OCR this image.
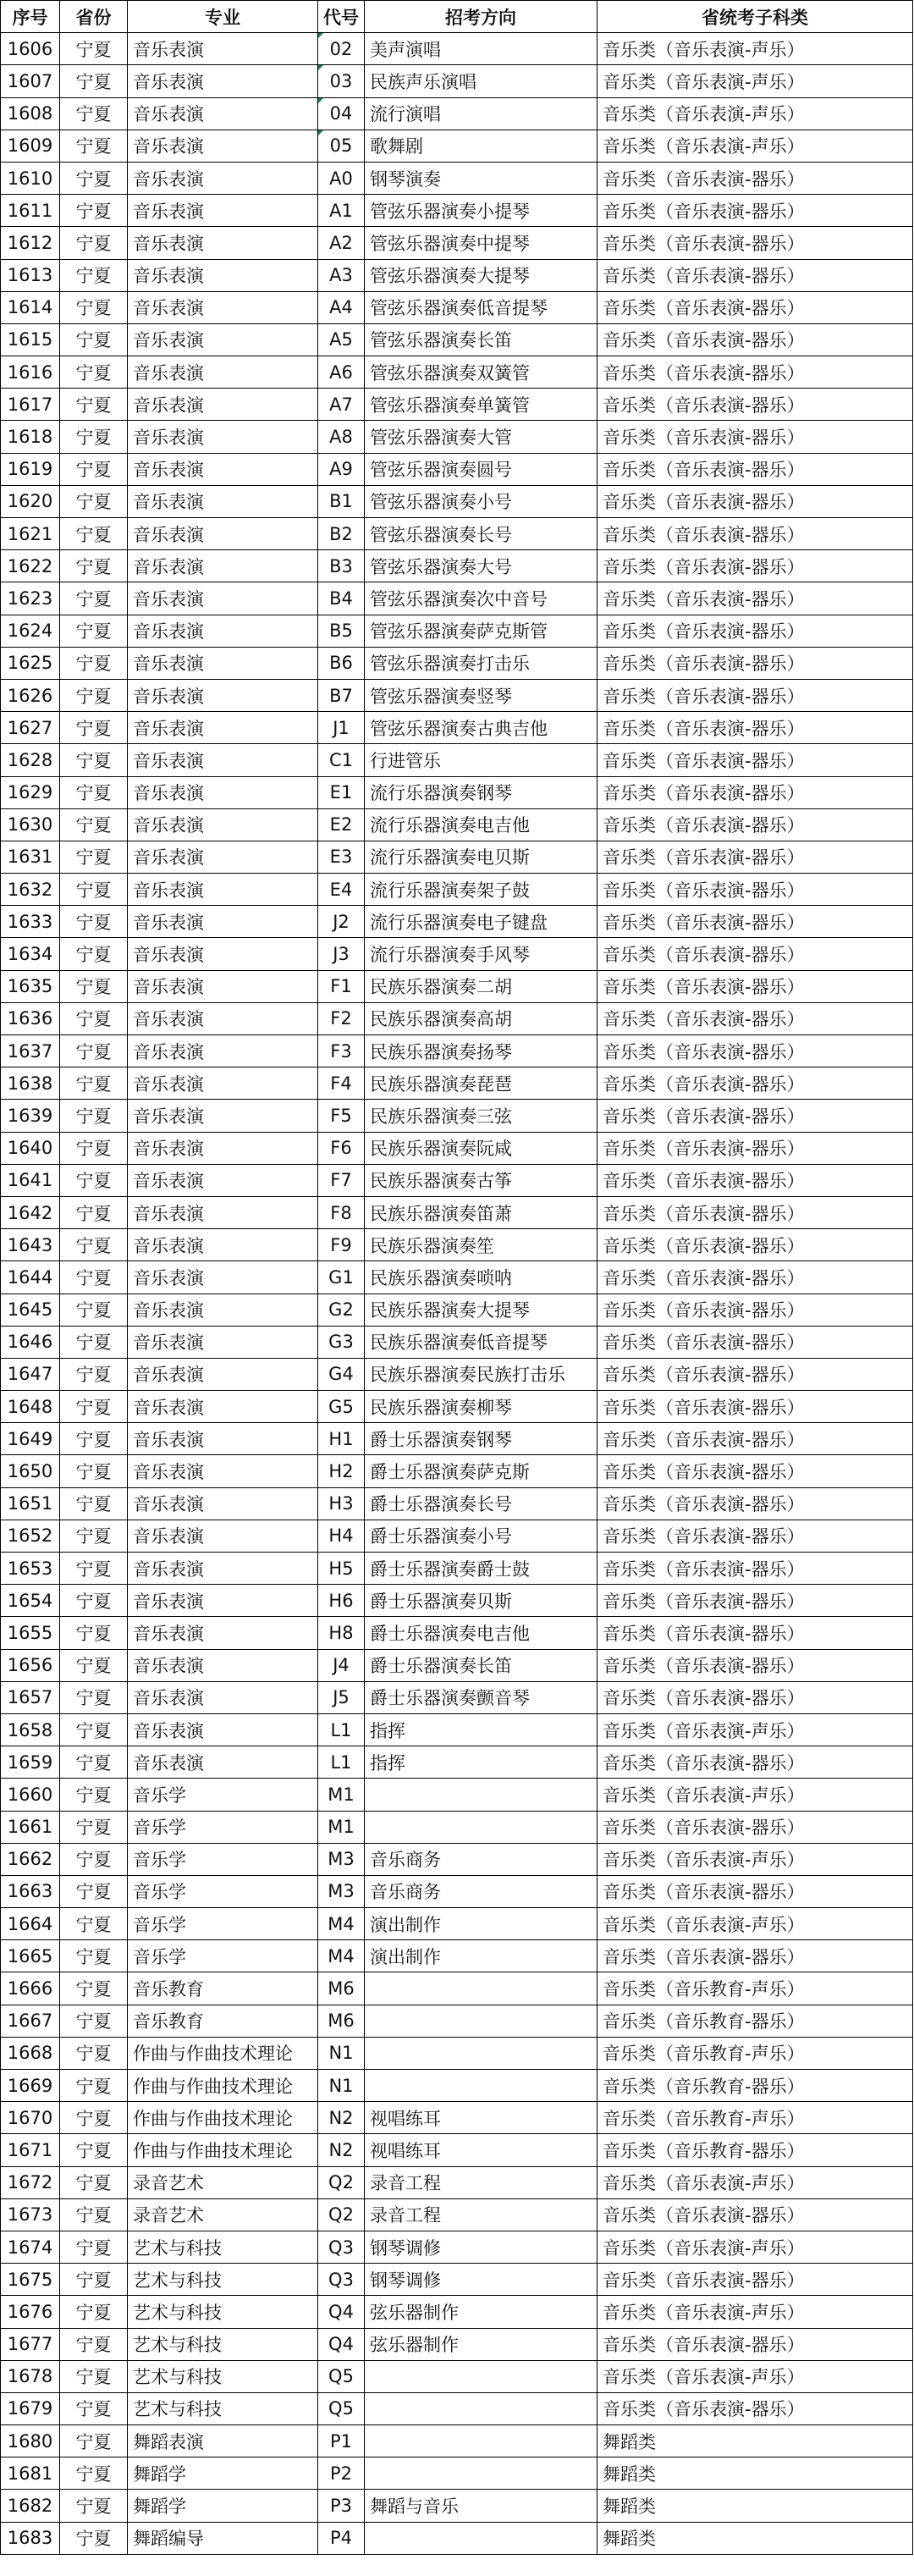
序号	省份	专业	代号	招考方向	省统考子科类
1606	宁夏	音乐表演	02	美声演唱	音乐类（音乐表演-声乐）
1607	宁夏	音乐表演	03	民族声乐演唱	音乐类（音乐表演-声乐）
1608	宁夏	音乐表演	04	流行演唱	音乐类（音乐表演-声乐）
1609	宁夏	音乐表演	05	歌舞剧	音乐类（音乐表演-声乐）
1610	宁夏	音乐表演	A0	钢琴演奏	音乐类（音乐表演-器乐）
1611	宁夏	音乐表演	A1	管弦乐器演奏小提琴	音乐类（音乐表演-器乐）
1612	宁夏	音乐表演	A2	管弦乐器演奏中提琴	音乐类（音乐表演-器乐）
1613	宁夏	音乐表演	A3	管弦乐器演奏大提琴	音乐类（音乐表演-器乐）
1614	宁夏	音乐表演	A4	管弦乐器演奏低音提琴	音乐类（音乐表演-器乐）
1615	宁夏	音乐表演	A5	管弦乐器演奏长笛	音乐类（音乐表演-器乐）
1616	宁夏	音乐表演	A6	管弦乐器演奏双簧管	音乐类（音乐表演-器乐）
1617	宁夏	音乐表演	A7	管弦乐器演奏单簧管	音乐类（音乐表演-器乐）
1618	宁夏	音乐表演	A8	管弦乐器演奏大管	音乐类（音乐表演-器乐）
1619	宁夏	音乐表演	A9	管弦乐器演奏圆号	音乐类（音乐表演-器乐）
1620	宁夏	音乐表演	B1	管弦乐器演奏小号	音乐类（音乐表演-器乐）
1621	宁夏	音乐表演	B2	管弦乐器演奏长号	音乐类（音乐表演-器乐）
1622	宁夏	音乐表演	B3	管弦乐器演奏大号	音乐类（音乐表演-器乐）
1623	宁夏	音乐表演	B4	管弦乐器演奏次中音号	音乐类（音乐表演-器乐）
1624	宁夏	音乐表演	B5	管弦乐器演奏萨克斯管	音乐类（音乐表演-器乐）
1625	宁夏	音乐表演	B6	管弦乐器演奏打击乐	音乐类（音乐表演-器乐）
1626	宁夏	音乐表演	B7	管弦乐器演奏竖琴	音乐类（音乐表演-器乐）
1627	宁夏	音乐表演	J1	管弦乐器演奏古典吉他	音乐类（音乐表演-器乐）
1628	宁夏	音乐表演	C1	行进管乐	音乐类（音乐表演-器乐）
1629	宁夏	音乐表演	E1	流行乐器演奏钢琴	音乐类（音乐表演-器乐）
1630	宁夏	音乐表演	E2	流行乐器演奏电吉他	音乐类（音乐表演-器乐）
1631	宁夏	音乐表演	E3	流行乐器演奏电贝斯	音乐类（音乐表演-器乐）
1632	宁夏	音乐表演	E4	流行乐器演奏架子鼓	音乐类（音乐表演-器乐）
1633	宁夏	音乐表演	J2	流行乐器演奏电子键盘	音乐类（音乐表演-器乐）
1634	宁夏	音乐表演	J3	流行乐器演奏手风琴	音乐类（音乐表演-器乐）
1635	宁夏	音乐表演	F1	民族乐器演奏二胡	音乐类（音乐表演-器乐）
1636	宁夏	音乐表演	F2	民族乐器演奏高胡	音乐类（音乐表演-器乐）
1637	宁夏	音乐表演	F3	民族乐器演奏扬琴	音乐类（音乐表演-器乐）
1638	宁夏	音乐表演	F4	民族乐器演奏琵琶	音乐类（音乐表演-器乐）
1639	宁夏	音乐表演	F5	民族乐器演奏三弦	音乐类（音乐表演-器乐）
1640	宁夏	音乐表演	F6	民族乐器演奏阮咸	音乐类（音乐表演-器乐）
1641	宁夏	音乐表演	F7	民族乐器演奏古筝	音乐类（音乐表演-器乐）
1642	宁夏	音乐表演	F8	民族乐器演奏笛萧	音乐类（音乐表演-器乐）
1643	宁夏	音乐表演	F9	民族乐器演奏笙	音乐类（音乐表演-器乐）
1644	宁夏	音乐表演	G1	民族乐器演奏唢呐	音乐类（音乐表演-器乐）
1645	宁夏	音乐表演	G2	民族乐器演奏大提琴	音乐类（音乐表演-器乐）
1646	宁夏	音乐表演	G3	民族乐器演奏低音提琴	音乐类（音乐表演-器乐）
1647	宁夏	音乐表演	G4	民族乐器演奏民族打击乐	音乐类（音乐表演-器乐）
1648	宁夏	音乐表演	G5	民族乐器演奏柳琴	音乐类（音乐表演-器乐）
1649	宁夏	音乐表演	H1	爵士乐器演奏钢琴	音乐类（音乐表演-器乐）
1650	宁夏	音乐表演	H2	爵士乐器演奏萨克斯	音乐类（音乐表演-器乐）
1651	宁夏	音乐表演	H3	爵士乐器演奏长号	音乐类（音乐表演-器乐）
1652	宁夏	音乐表演	H4	爵士乐器演奏小号	音乐类（音乐表演-器乐）
1653	宁夏	音乐表演	H5	爵士乐器演奏爵士鼓	音乐类（音乐表演-器乐）
1654	宁夏	音乐表演	H6	爵士乐器演奏贝斯	音乐类（音乐表演-器乐）
1655	宁夏	音乐表演	H8	爵士乐器演奏电吉他	音乐类（音乐表演-器乐）
1656	宁夏	音乐表演	J4	爵士乐器演奏长笛	音乐类（音乐表演-器乐）
1657	宁夏	音乐表演	J5	爵士乐器演奏颤音琴	音乐类（音乐表演-器乐）
1658	宁夏	音乐表演	L1	指挥	音乐类（音乐表演-声乐）
1659	宁夏	音乐表演	L1	指挥	音乐类（音乐表演-器乐）
1660	宁夏	音乐学	M1		音乐类（音乐表演-声乐）
1661	宁夏	音乐学	M1		音乐类（音乐表演-器乐）
1662	宁夏	音乐学	M3	音乐商务	音乐类（音乐表演-声乐）
1663	宁夏	音乐学	M3	音乐商务	音乐类（音乐表演-器乐）
1664	宁夏	音乐学	M4	演出制作	音乐类（音乐表演-声乐）
1665	宁夏	音乐学	M4	演出制作	音乐类（音乐表演-器乐）
1666	宁夏	音乐教育	M6		音乐类（音乐教育-声乐）
1667	宁夏	音乐教育	M6		音乐类（音乐教育-器乐）
1668	宁夏	作曲与作曲技术理论	N1		音乐类（音乐教育-声乐）
1669	宁夏	作曲与作曲技术理论	N1		音乐类（音乐教育-器乐）
1670	宁夏	作曲与作曲技术理论	N2	视唱练耳	音乐类（音乐教育-声乐）
1671	宁夏	作曲与作曲技术理论	N2	视唱练耳	音乐类（音乐教育-器乐）
1672	宁夏	录音艺术	Q2	录音工程	音乐类（音乐表演-声乐）
1673	宁夏	录音艺术	Q2	录音工程	音乐类（音乐表演-器乐）
1674	宁夏	艺术与科技	Q3	钢琴调修	音乐类（音乐表演-声乐）
1675	宁夏	艺术与科技	Q3	钢琴调修	音乐类（音乐表演-器乐）
1676	宁夏	艺术与科技	Q4	弦乐器制作	音乐类（音乐表演-声乐）
1677	宁夏	艺术与科技	Q4	弦乐器制作	音乐类（音乐表演-器乐）
1678	宁夏	艺术与科技	Q5		音乐类（音乐表演-声乐）
1679	宁夏	艺术与科技	Q5		音乐类（音乐表演-器乐）
1680	宁夏	舞蹈表演	P1		舞蹈类
1681	宁夏	舞蹈学	P2		舞蹈类
1682	宁夏	舞蹈学	P3	舞蹈与音乐	舞蹈类
1683	宁夏	舞蹈编导	P4		舞蹈类
